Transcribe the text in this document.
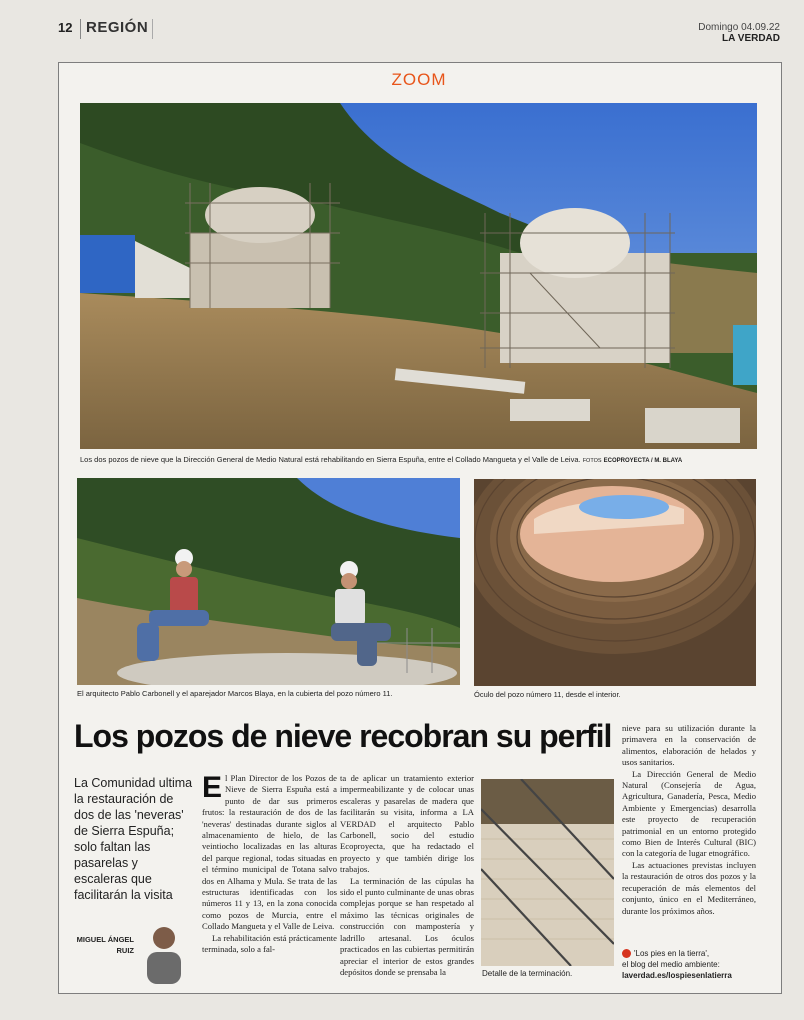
12 REGIÓN	Domingo 04.09.22
LA VERDAD
ZOOM
Los dos pozos de nieve que la Dirección General de Medio Natural está rehabilitando en Sierra Espuña, entre el Collado Mangueta y el Valle de Leiva. FOTOS ECOPROYECTA / M. BLAYA
El arquitecto Pablo Carbonell y el aparejador Marcos Blaya, en la cubierta del pozo número 11.	Óculo del pozo número 11, desde el interior.
Los pozos de nieve recobran su perfil
La Comunidad ultima la restauración de dos de las 'neveras' de Sierra Espuña; solo faltan las pasarelas y escaleras que facilitarán la visita
MIGUEL ÁNGEL
RUIZ

El Plan Director de los Pozos de Nieve de Sierra Espuña está a punto de dar sus primeros frutos: la restauración de dos de las 'neveras' destinadas durante siglos al almacenamiento de hielo, de las veintiocho localizadas en las alturas del parque regional, todas situadas en el término municipal de Totana salvo dos en Alhama y Mula. Se trata de las estructuras identificadas con los números 11 y 13, en la zona conocida como pozos de Murcia, entre el Collado Mangueta y el Valle de Leiva.

La rehabilitación está prácticamente terminada, solo a fal-

ta de aplicar un tratamiento exterior impermeabilizante y de colocar unas escaleras y pasarelas de madera que facilitarán su visita, informa a LA VERDAD el arquitecto Pablo Carbonell, socio del estudio Ecoproyecta, que ha redactado el proyecto y que también dirige los trabajos.

La terminación de las cúpulas ha sido el punto culminante de unas obras complejas porque se han respetado al máximo las técnicas originales de construcción con mampostería y ladrillo artesanal. Los óculos practicados en las cubiertas permitirán apreciar el interior de estos grandes depósitos donde se prensaba la	Detalle de la terminación.

nieve para su utilización durante la primavera en la conservación de alimentos, elaboración de helados y usos sanitarios.

La Dirección General de Medio Natural (Consejería de Agua, Agricultura, Ganadería, Pesca, Medio Ambiente y Emergencias) desarrolla este proyecto de recuperación patrimonial en un entorno protegido como Bien de Interés Cultural (BIC) con la categoría de lugar etnográfico.

Las actuaciones previstas incluyen la restauración de otros dos pozos y la recuperación de más elementos del conjunto, único en el Mediterráneo, durante los próximos años.

'Los pies en la tierra',
el blog del medio ambiente:
laverdad.es/lospiesenlatierra
